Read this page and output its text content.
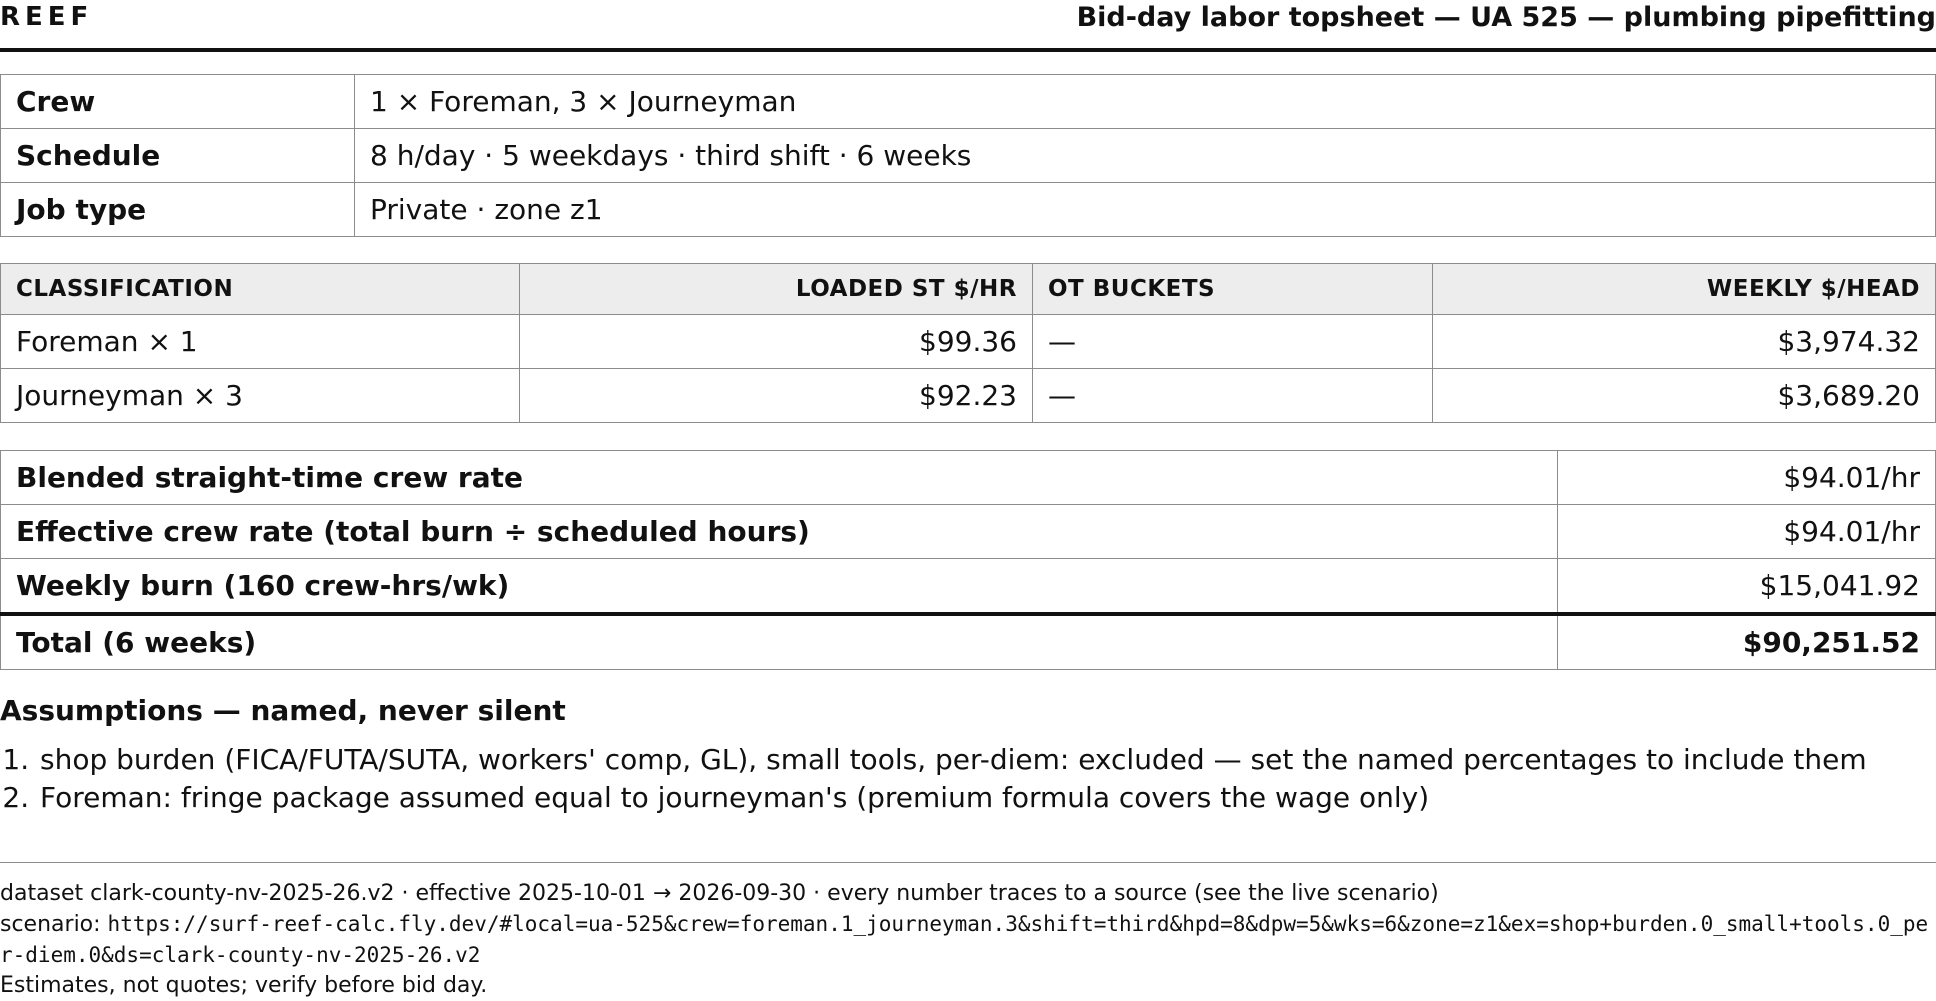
REEF	Bid-day labor topsheet — UA 525 — plumbing pipefitting
Crew	1 × Foreman, 3 × Journeyman
Schedule	8 h/day · 5 weekdays · third shift · 6 weeks
Job type	Private · zone z1
CLASSIFICATION	LOADED ST $/HR	OT BUCKETS	WEEKLY $/HEAD
Foreman × 1	$99.36	—	$3,974.32
Journeyman × 3	$92.23	—	$3,689.20
Blended straight-time crew rate	$94.01/hr
Effective crew rate (total burn ÷ scheduled hours)	$94.01/hr
Weekly burn (160 crew-hrs/wk)	$15,041.92
Total (6 weeks)	$90,251.52
Assumptions — named, never silent
1. shop burden (FICA/FUTA/SUTA, workers' comp, GL), small tools, per-diem: excluded — set the named percentages to include them
2. Foreman: fringe package assumed equal to journeyman's (premium formula covers the wage only)
dataset clark-county-nv-2025-26.v2 · effective 2025-10-01 → 2026-09-30 · every number traces to a source (see the live scenario)
scenario: https://surf-reef-calc.fly.dev/#local=ua-525&crew=foreman.1_journeyman.3&shift=third&hpd=8&dpw=5&wks=6&zone=z1&ex=shop+burden.0_small+tools.0_per-diem.0&ds=clark-county-nv-2025-26.v2
Estimates, not quotes; verify before bid day.
